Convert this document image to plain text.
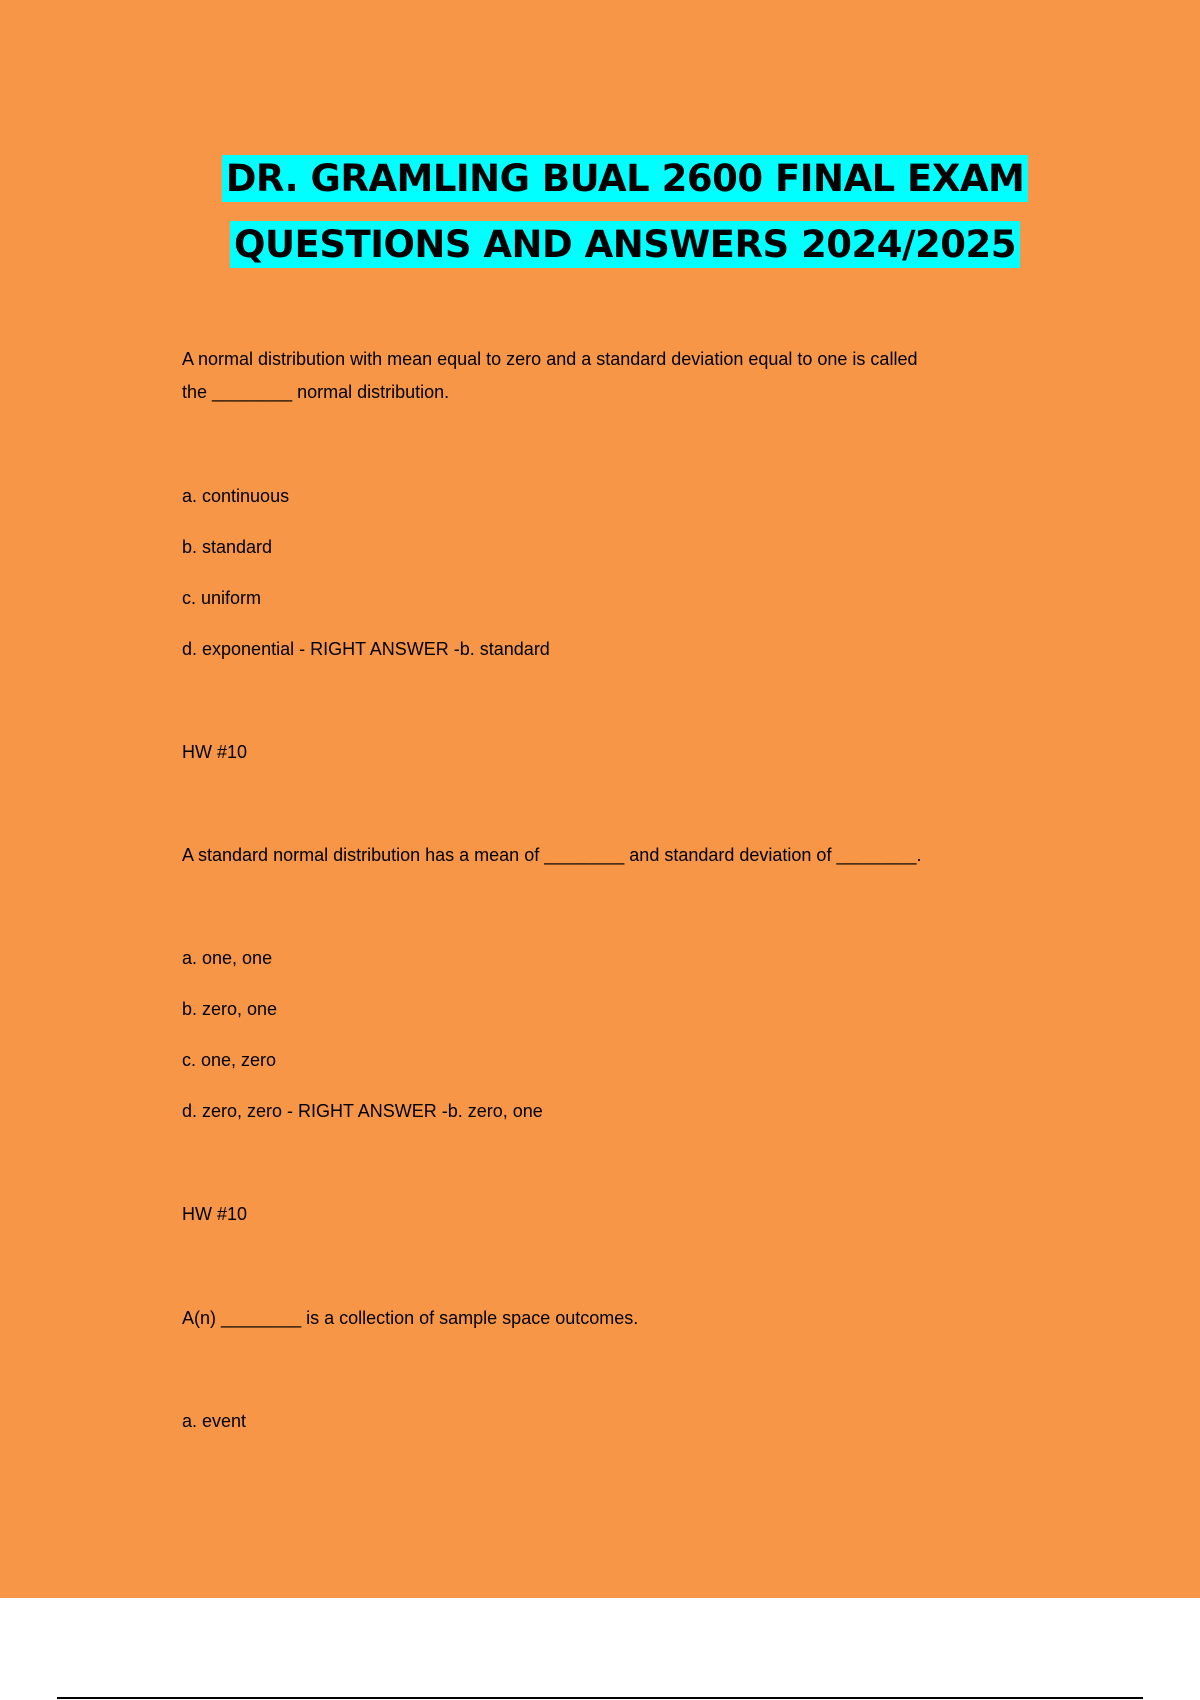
DR. GRAMLING BUAL 2600 FINAL EXAM
QUESTIONS AND ANSWERS 2024/2025
A normal distribution with mean equal to zero and a standard deviation equal to one is called
the ________ normal distribution.
a. continuous
b. standard
c. uniform
d. exponential - RIGHT ANSWER -b. standard
HW #10
A standard normal distribution has a mean of ________ and standard deviation of ________.
a. one, one
b. zero, one
c. one, zero
d. zero, zero - RIGHT ANSWER -b. zero, one
HW #10
A(n) ________ is a collection of sample space outcomes.
a. event
